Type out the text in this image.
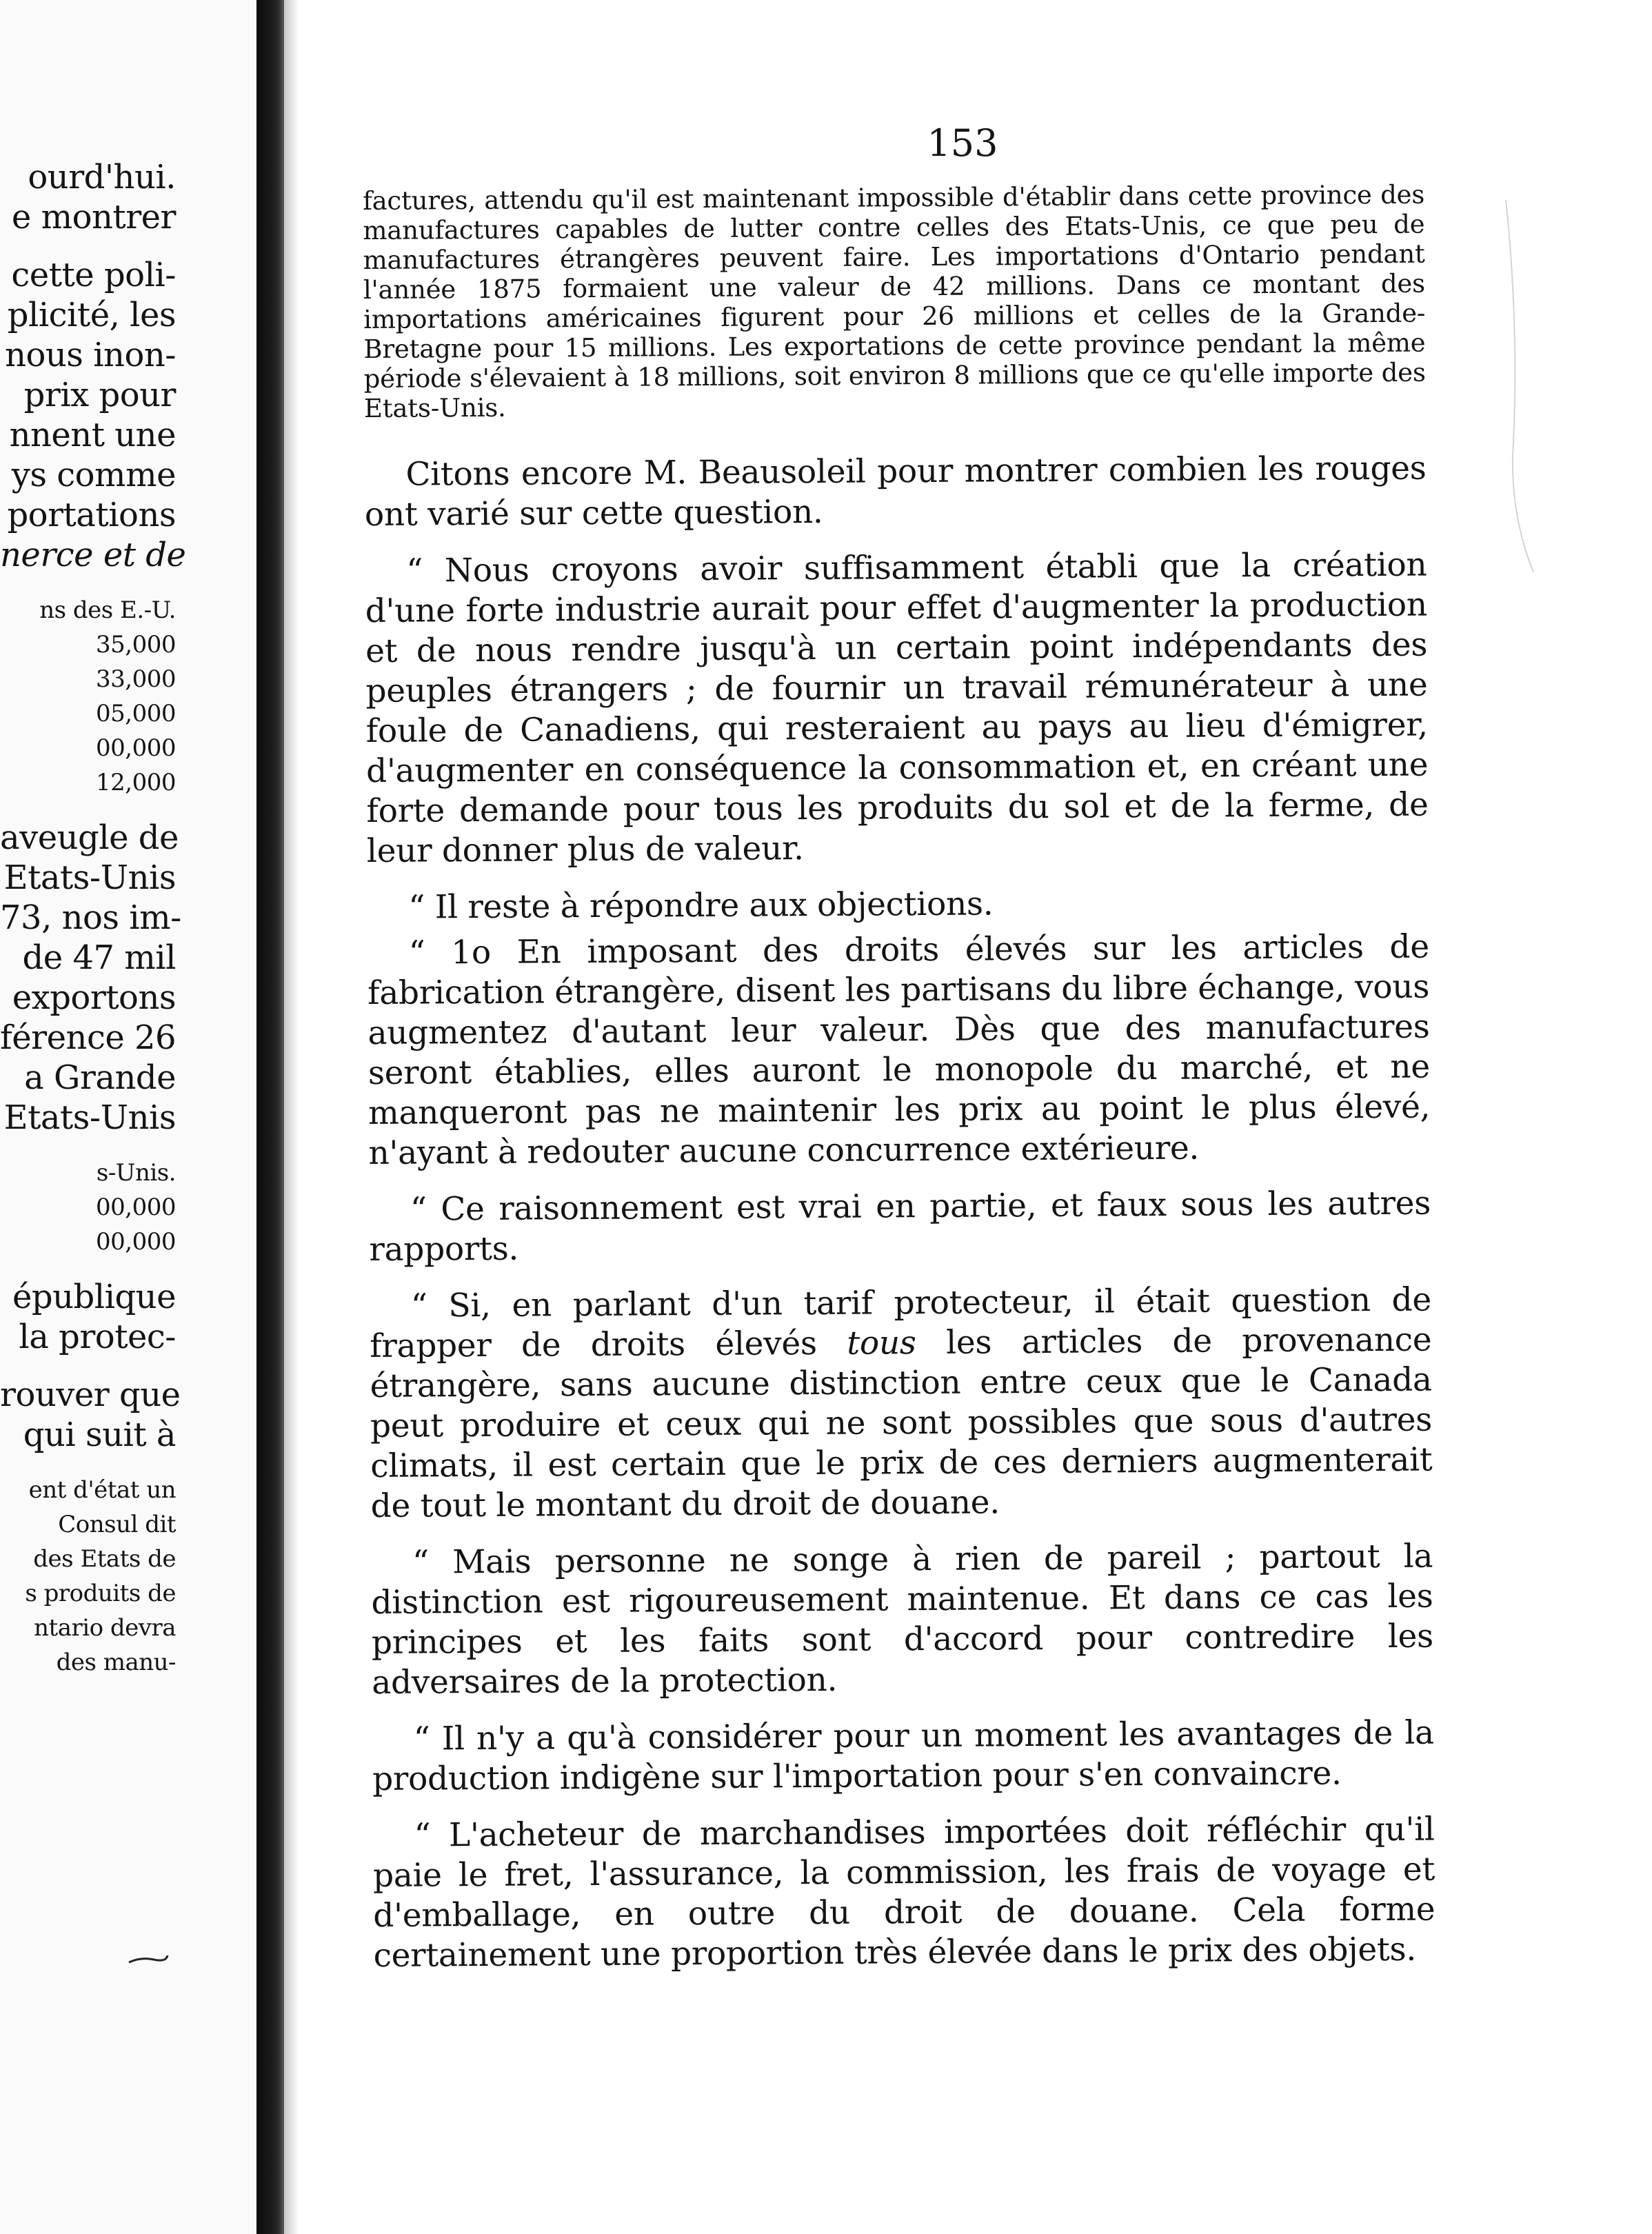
ourd'hui.
e montrer
cette poli-
plicité, les
nous inon-
prix pour
nnent une
ys comme
portations
nerce et de
ns des E.-U.
35,000
33,000
05,000
00,000
12,000
aveugle de
Etats-Unis
73, nos im-
de 47 mil
exportons
férence 26
a Grande
Etats-Unis
s-Unis.
00,000
00,000
épublique
la protec-
rouver que
qui suit à
ent d'état un
Consul dit
des Etats de
s produits de
ntario devra
des manu-
153

factures, attendu qu'il est maintenant impossible d'établir dans cette province des manufactures capables de lutter contre celles des Etats-Unis, ce que peu de manufactures étrangères peuvent faire. Les importations d'Ontario pendant l'année 1875 formaient une valeur de 42 millions. Dans ce montant des importations américaines figurent pour 26 millions et celles de la Grande-Bretagne pour 15 millions. Les exportations de cette province pendant la même période s'élevaient à 18 millions, soit environ 8 millions que ce qu'elle importe des Etats-Unis.

Citons encore M. Beausoleil pour montrer combien les rouges ont varié sur cette question.

“ Nous croyons avoir suffisamment établi que la création d'une forte industrie aurait pour effet d'augmenter la production et de nous rendre jusqu'à un certain point indépendants des peuples étrangers ; de fournir un travail rémunérateur à une foule de Canadiens, qui resteraient au pays au lieu d'émigrer, d'augmenter en conséquence la consommation et, en créant une forte demande pour tous les produits du sol et de la ferme, de leur donner plus de valeur.

“ Il reste à répondre aux objections.

“ 1o En imposant des droits élevés sur les articles de fabrication étrangère, disent les partisans du libre échange, vous augmentez d'autant leur valeur. Dès que des manufactures seront établies, elles auront le monopole du marché, et ne manqueront pas ne maintenir les prix au point le plus élevé, n'ayant à redouter aucune concurrence extérieure.

“ Ce raisonnement est vrai en partie, et faux sous les autres rapports.

“ Si, en parlant d'un tarif protecteur, il était question de frapper de droits élevés tous les articles de provenance étrangère, sans aucune distinction entre ceux que le Canada peut produire et ceux qui ne sont possibles que sous d'autres climats, il est certain que le prix de ces derniers augmenterait de tout le montant du droit de douane.

“ Mais personne ne songe à rien de pareil ; partout la distinction est rigoureusement maintenue. Et dans ce cas les principes et les faits sont d'accord pour contredire les adversaires de la protection.

“ Il n'y a qu'à considérer pour un moment les avantages de la production indigène sur l'importation pour s'en convaincre.

“ L'acheteur de marchandises importées doit réfléchir qu'il paie le fret, l'assurance, la commission, les frais de voyage et d'emballage, en outre du droit de douane. Cela forme certainement une proportion très élevée dans le prix des objets.
